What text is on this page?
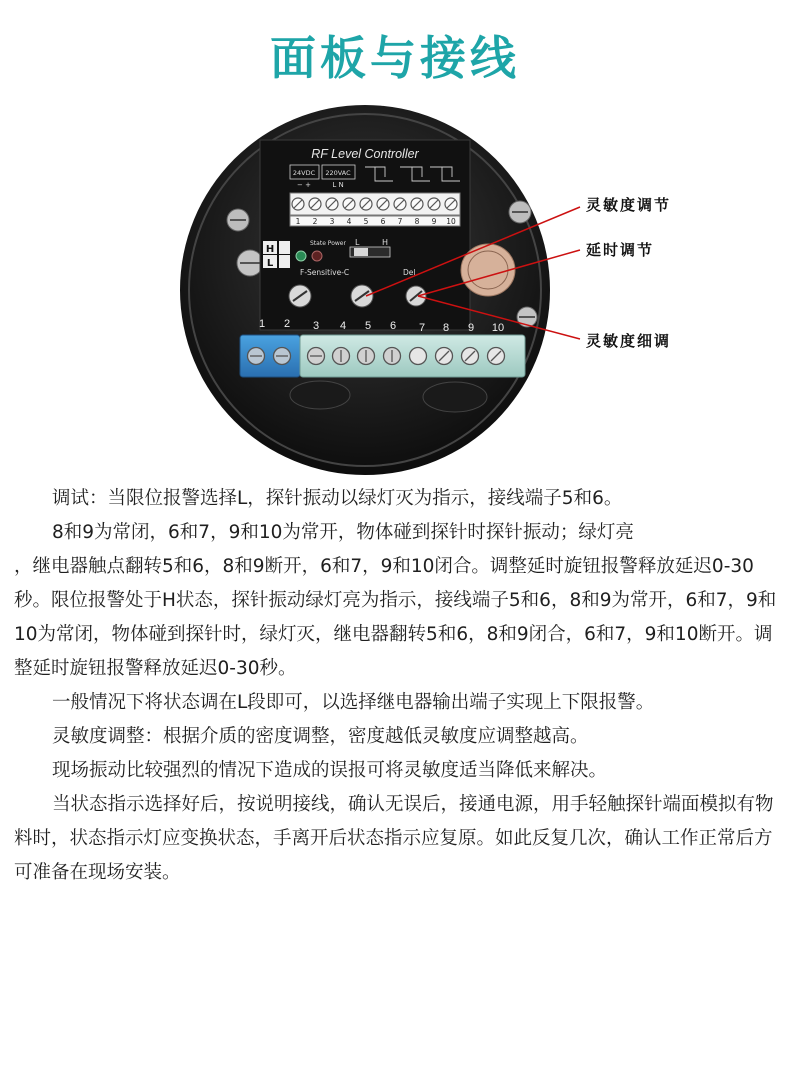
面板与接线
RF Level Controller
24VDC 220VAC
− +	L N
1 2 3 4 5 6 7 8 9 10
H
L
State Power L	H
F-Sensitive-C	Del
1 2 3 4 5 6 7 8 9 10
灵敏度调节
延时调节
灵敏度细调

调试：当限位报警选择L，探针振动以绿灯灭为指示，接线端子5和6。

8和9为常闭，6和7，9和10为常开，物体碰到探针时探针振动；绿灯亮

，继电器触点翻转5和6，8和9断开，6和7，9和10闭合。调整延时旋钮报警释放延迟0-30秒。限位报警处于H状态，探针振动绿灯亮为指示，接线端子5和6，8和9为常开，6和7，9和10为常闭，物体碰到探针时，绿灯灭，继电器翻转5和6，8和9闭合，6和7，9和10断开。调整延时旋钮报警释放延迟0-30秒。

一般情况下将状态调在L段即可，以选择继电器输出端子实现上下限报警。

灵敏度调整：根据介质的密度调整，密度越低灵敏度应调整越高。

现场振动比较强烈的情况下造成的误报可将灵敏度适当降低来解决。

当状态指示选择好后，按说明接线，确认无误后，接通电源，用手轻触探针端面模拟有物料时，状态指示灯应变换状态，手离开后状态指示应复原。如此反复几次，确认工作正常后方可准备在现场安装。
